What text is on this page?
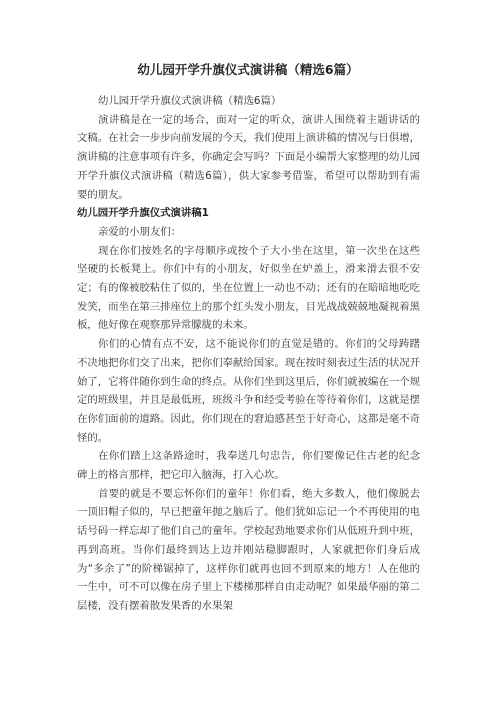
幼儿园开学升旗仪式演讲稿（精选6篇）

幼儿园开学升旗仪式演讲稿（精选6篇）

演讲稿是在一定的场合，面对一定的听众，演讲人围绕着主题讲话的文稿。在社会一步步向前发展的今天，我们使用上演讲稿的情况与日俱增，演讲稿的注意事项有许多，你确定会写吗？下面是小编帮大家整理的幼儿园开学升旗仪式演讲稿（精选6篇），供大家参考借鉴，希望可以帮助到有需要的朋友。

幼儿园开学升旗仪式演讲稿1

亲爱的小朋友们：

现在你们按姓名的字母顺序或按个子大小坐在这里，第一次坐在这些坚硬的长板凳上。你们中有的小朋友，好似坐在炉盖上，滑来滑去很不安定；有的像被胶粘住了似的，坐在位置上一动也不动；还有的在暗暗地吃吃发笑，而坐在第三排座位上的那个红头发小朋友，目光战战兢兢地凝视着黑板，他好像在观察那异常朦胧的未来。

你们的心情有点不安，这不能说你们的直觉是错的。你们的父母踌躇不决地把你们交了出来，把你们奉献给国家。现在按时刻表过生活的状况开始了，它将伴随你到生命的终点。从你们坐到这里后，你们就被编在一个规定的班级里，并且是最低班，班级斗争和经受考验在等待着你们，这就是摆在你们面前的道路。因此，你们现在的窘迫感甚至于好奇心，这都是毫不奇怪的。

在你们踏上这条路途时，我奉送几句忠告，你们要像记住古老的纪念碑上的格言那样，把它印入脑海，打入心坎。

首要的就是不要忘怀你们的童年！你们看，绝大多数人，他们像脱去一顶旧帽子似的，早已把童年抛之脑后了。他们犹如忘记一个不再使用的电话号码一样忘却了他们自己的童年。学校起劲地要求你们从低班升到中班，再到高班。当你们最终到达上边并刚站稳脚跟时，人家就把你们身后成为“多余了”的阶梯锯掉了，这样你们就再也回不到原来的地方！人在他的一生中，可不可以像在房子里上下楼梯那样自由走动呢？如果最华丽的第二层楼，没有摆着散发果香的水果架
